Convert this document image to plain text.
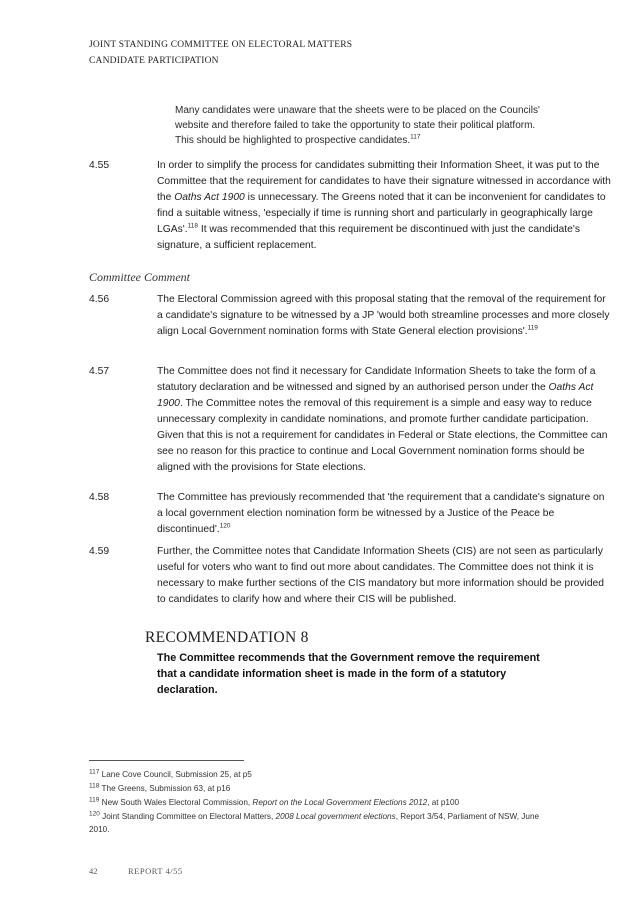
JOINT STANDING COMMITTEE ON ELECTORAL MATTERS
CANDIDATE PARTICIPATION
Many candidates were unaware that the sheets were to be placed on the Councils' website and therefore failed to take the opportunity to state their political platform. This should be highlighted to prospective candidates.$^{117}$
4.55	In order to simplify the process for candidates submitting their Information Sheet, it was put to the Committee that the requirement for candidates to have their signature witnessed in accordance with the Oaths Act 1900 is unnecessary. The Greens noted that it can be inconvenient for candidates to find a suitable witness, 'especially if time is running short and particularly in geographically large LGAs'.$^{118}$ It was recommended that this requirement be discontinued with just the candidate's signature, a sufficient replacement.
Committee Comment
4.56	The Electoral Commission agreed with this proposal stating that the removal of the requirement for a candidate's signature to be witnessed by a JP 'would both streamline processes and more closely align Local Government nomination forms with State General election provisions'.$^{119}$
4.57	The Committee does not find it necessary for Candidate Information Sheets to take the form of a statutory declaration and be witnessed and signed by an authorised person under the Oaths Act 1900. The Committee notes the removal of this requirement is a simple and easy way to reduce unnecessary complexity in candidate nominations, and promote further candidate participation. Given that this is not a requirement for candidates in Federal or State elections, the Committee can see no reason for this practice to continue and Local Government nomination forms should be aligned with the provisions for State elections.
4.58	The Committee has previously recommended that 'the requirement that a candidate's signature on a local government election nomination form be witnessed by a Justice of the Peace be discontinued'.$^{120}$
4.59	Further, the Committee notes that Candidate Information Sheets (CIS) are not seen as particularly useful for voters who want to find out more about candidates. The Committee does not think it is necessary to make further sections of the CIS mandatory but more information should be provided to candidates to clarify how and where their CIS will be published.
RECOMMENDATION 8
The Committee recommends that the Government remove the requirement that a candidate information sheet is made in the form of a statutory declaration.
$^{117}$ Lane Cove Council, Submission 25, at p5
$^{118}$ The Greens, Submission 63, at p16
$^{119}$ New South Wales Electoral Commission, Report on the Local Government Elections 2012, at p100
$^{120}$ Joint Standing Committee on Electoral Matters, 2008 Local government elections, Report 3/54, Parliament of NSW, June 2010.
42	REPORT 4/55
